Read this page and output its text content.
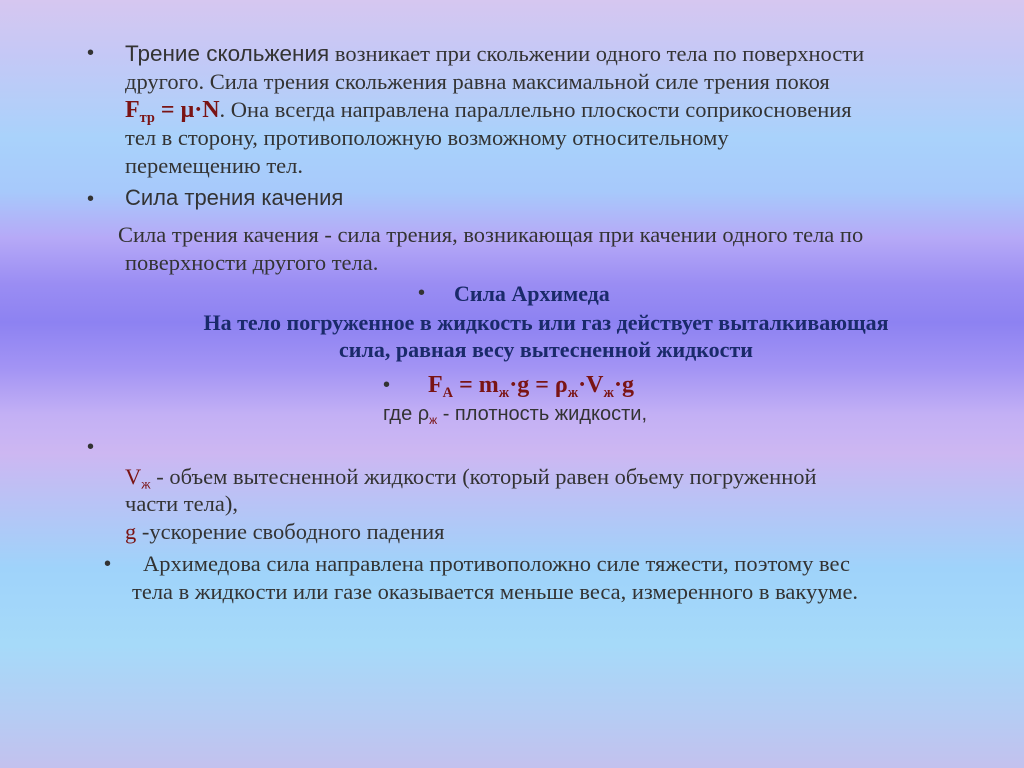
• Трение скольжения возникает при скольжении одного тела по поверхности
другого. Сила трения скольжения равна максимальной силе трения покоя
$F_{тр} = \mu\cdot N$. Она всегда направлена параллельно плоскости соприкосновения
тел в сторону, противоположную возможному относительному
перемещению тел.
• Сила трения качения
Сила трения качения - сила трения, возникающая при качении одного тела по
поверхности другого тела.
• Сила Архимеда
На тело погруженное в жидкость или газ действует выталкивающая
сила, равная весу вытесненной жидкости
• $F_A = m_ж\cdot g = \rho_ж\cdot V_ж\cdot g$
где $\rho_ж$ - плотность жидкости,
•
$V_ж$ - объем вытесненной жидкости (который равен объему погруженной
части тела),
g -ускорение свободного падения
• Архимедова сила направлена противоположно силе тяжести, поэтому вес
тела в жидкости или газе оказывается меньше веса, измеренного в вакууме.
